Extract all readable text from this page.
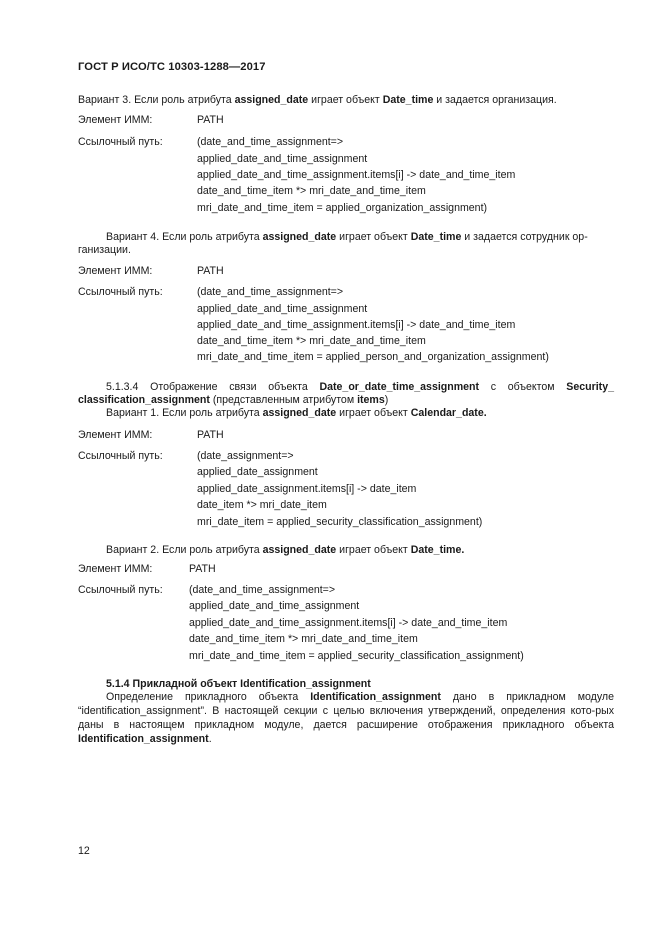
ГОСТ Р ИСО/ТС 10303-1288—2017
Вариант 3. Если роль атрибута assigned_date играет объект Date_time и задается организация.
Элемент ИММ:	PATH
Ссылочный путь:	(date_and_time_assignment=>
applied_date_and_time_assignment
applied_date_and_time_assignment.items[i] -> date_and_time_item
date_and_time_item *> mri_date_and_time_item
mri_date_and_time_item = applied_organization_assignment)
Вариант 4. Если роль атрибута assigned_date играет объект Date_time и задается сотрудник ор-
ганизации.
Элемент ИММ:	PATH
Ссылочный путь:	(date_and_time_assignment=>
applied_date_and_time_assignment
applied_date_and_time_assignment.items[i] -> date_and_time_item
date_and_time_item *> mri_date_and_time_item
mri_date_and_time_item = applied_person_and_organization_assignment)
5.1.3.4 Отображение связи объекта Date_or_date_time_assignment с объектом Security_
classification_assignment (представленным атрибутом items)
Вариант 1. Если роль атрибута assigned_date играет объект Calendar_date.
Элемент ИММ:	PATH
Ссылочный путь:	(date_assignment=>
applied_date_assignment
applied_date_assignment.items[i] -> date_item
date_item *> mri_date_item
mri_date_item = applied_security_classification_assignment)
Вариант 2. Если роль атрибута assigned_date играет объект Date_time.
Элемент ИММ:	PATH
Ссылочный путь: (date_and_time_assignment=>
applied_date_and_time_assignment
applied_date_and_time_assignment.items[i] -> date_and_time_item
date_and_time_item *> mri_date_and_time_item
mri_date_and_time_item = applied_security_classification_assignment)
5.1.4 Прикладной объект Identification_assignment
Определение прикладного объекта Identification_assignment дано в прикладном модуле “identification_assignment”. В настоящей секции с целью включения утверждений, определения кото-рых даны в настоящем прикладном модуле, дается расширение отображения прикладного объекта Identification_assignment.
12
